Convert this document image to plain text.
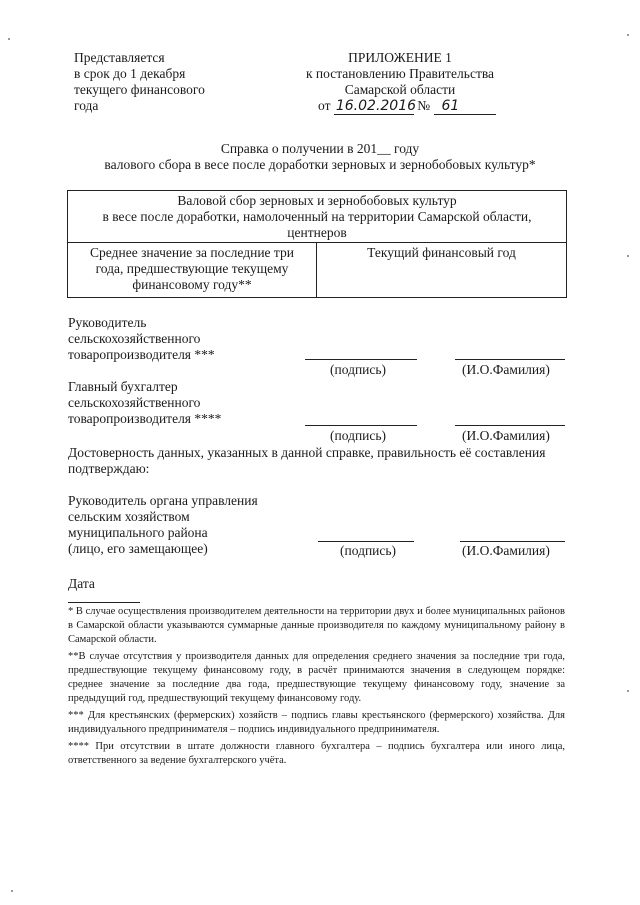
Представляется
в срок до 1 декабря
текущего финансового
года
ПРИЛОЖЕНИЕ 1
к постановлению Правительства
Самарской области
от 16.02.2016 № 61
Справка о получении в 201__ году
валового сбора в весе после доработки зерновых и зернобобовых культур*
Валовой сбор зерновых и зернобобовых культур
в весе после доработки, намолоченный на территории Самарской области,
центнеров
Среднее значение за последние три
года, предшествующие текущему
финансовому году**
Текущий финансовый год
Руководитель
сельскохозяйственного
товаропроизводителя ***
(подпись)	(И.О.Фамилия)
Главный бухгалтер
сельскохозяйственного
товаропроизводителя ****
(подпись)	(И.О.Фамилия)
Достоверность данных, указанных в данной справке, правильность её составления
подтверждаю:
Руководитель органа управления
сельским хозяйством
муниципального района
(лицо, его замещающее)	(подпись)	(И.О.Фамилия)
Дата
* В случае осуществления производителем деятельности на территории двух и более муниципальных районов в Самарской области указываются суммарные данные производителя по каждому муниципальному району в Самарской области.
**В случае отсутствия у производителя данных для определения среднего значения за последние три года, предшествующие текущему финансовому году, в расчёт принимаются значения в следующем порядке: среднее значение за последние два года, предшествующие текущему финансовому году, значение за предыдущий год, предшествующий текущему финансовому году.
*** Для крестьянских (фермерских) хозяйств – подпись главы крестьянского (фермерского) хозяйства. Для индивидуального предпринимателя – подпись индивидуального предпринимателя.
**** При отсутствии в штате должности главного бухгалтера – подпись бухгалтера или иного лица, ответственного за ведение бухгалтерского учёта.
